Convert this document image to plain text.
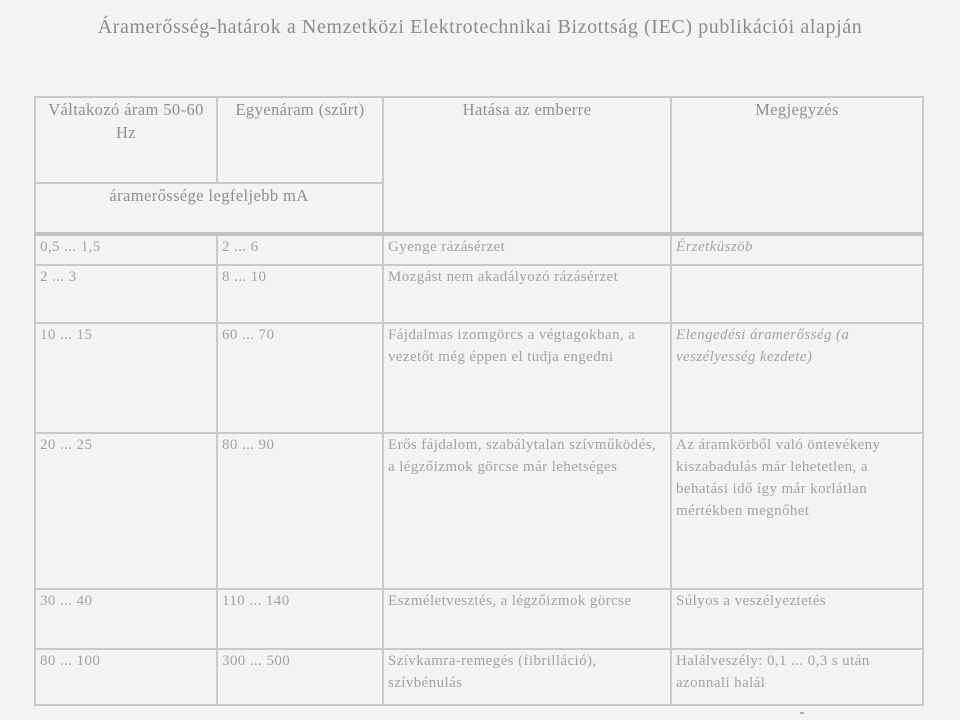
Áramerősség-határok a Nemzetközi Elektrotechnikai Bizottság (IEC) publikációi alapján
Váltakozó áram 50-60 Hz	Egyenáram (szűrt)	Hatása az emberre	Megjegyzés
áramerőssége legfeljebb mA			
0,5 ... 1,5	2 ... 6	Gyenge rázásérzet	Érzetküszöb
2 ... 3	8 ... 10	Mozgást nem akadályozó rázásérzet	
10 ... 15	60 ... 70	Fájdalmas izomgörcs a végtagokban, a vezetőt még éppen el tudja engedni	Elengedési áramerősség (a veszélyesség kezdete)
20 ... 25	80 ... 90	Erős fájdalom, szabálytalan szívműködés, a légzőizmok görcse már lehetséges	Az áramkörből való öntevékeny kiszabadulás már lehetetlen, a behatási idő így már korlátlan mértékben megnőhet
30 ... 40	110 ... 140	Eszméletvesztés, a légzőizmok görcse	Súlyos a veszélyeztetés
80 ... 100	300 ... 500	Szívkamra-remegés (fibrilláció), szívbénulás	Halálveszély: 0,1 ... 0,3 s után azonnali halál
